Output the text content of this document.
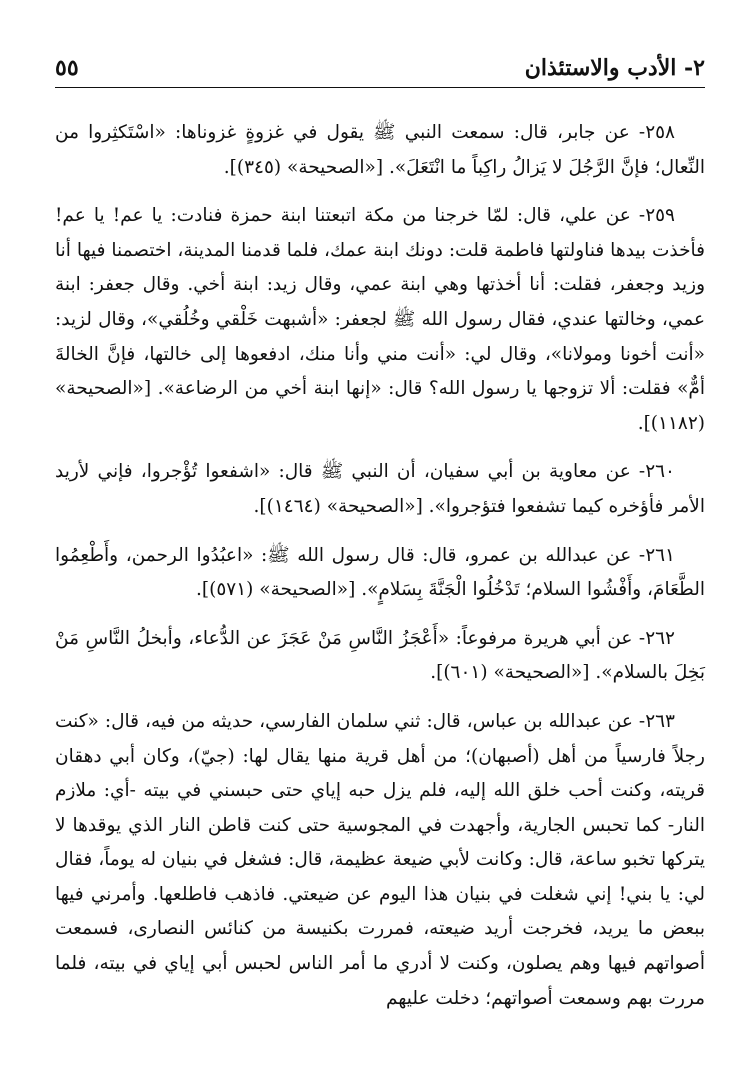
٢- الأدب والاستئذان
٥٥

٢٥٨- عن جابر، قال: سمعت النبي ﷺ يقول في غزوةٍ غزوناها: «اسْتَكثِروا من النِّعال؛ فإنَّ الرَّجُلَ لا يَزالُ راكِباً ما انْتَعَلَ». [«الصحيحة» (٣٤٥)].

٢٥٩- عن علي، قال: لمّا خرجنا من مكة اتبعتنا ابنة حمزة فنادت: يا عم! يا عم! فأخذت بيدها فناولتها فاطمة قلت: دونك ابنة عمك، فلما قدمنا المدينة، اختصمنا فيها أنا وزيد وجعفر، فقلت: أنا أخذتها وهي ابنة عمي، وقال زيد: ابنة أخي. وقال جعفر: ابنة عمي، وخالتها عندي، فقال رسول الله ﷺ لجعفر: «أشبهت خَلْقي وخُلُقي»، وقال لزيد: «أنت أخونا ومولانا»، وقال لي: «أنت مني وأنا منك، ادفعوها إلى خالتها، فإنَّ الخالةَ أمٌّ» فقلت: ألا تزوجها يا رسول الله؟ قال: «إنها ابنة أخي من الرضاعة». [«الصحيحة» (١١٨٢)].

٢٦٠- عن معاوية بن أبي سفيان، أن النبي ﷺ قال: «اشفعوا تُؤْجروا، فإني لأريد الأمر فأؤخره كيما تشفعوا فتؤجروا». [«الصحيحة» (١٤٦٤)].

٢٦١- عن عبدالله بن عمرو، قال: قال رسول الله ﷺ: «اعبُدُوا الرحمن، وأَطْعِمُوا الطَّعَامَ، وأَفْشُوا السلام؛ تَدْخُلُوا الْجَنَّةَ بِسَلامٍ». [«الصحيحة» (٥٧١)].

٢٦٢- عن أبي هريرة مرفوعاً: «أَعْجَزُ النَّاسِ مَنْ عَجَزَ عن الدُّعاء، وأبخلُ النَّاسِ مَنْ بَخِلَ بالسلام». [«الصحيحة» (٦٠١)].

٢٦٣- عن عبدالله بن عباس، قال: ثني سلمان الفارسي، حديثه من فيه، قال: «كنت رجلاً فارسياً من أهل (أصبهان)؛ من أهل قرية منها يقال لها: (جيّ)، وكان أبي دهقان قريته، وكنت أحب خلق الله إليه، فلم يزل حبه إياي حتى حبسني في بيته -أي: ملازم النار- كما تحبس الجارية، وأجهدت في المجوسية حتى كنت قاطن النار الذي يوقدها لا يتركها تخبو ساعة، قال: وكانت لأبي ضيعة عظيمة، قال: فشغل في بنيان له يوماً، فقال لي: يا بني! إني شغلت في بنيان هذا اليوم عن ضيعتي. فاذهب فاطلعها. وأمرني فيها ببعض ما يريد، فخرجت أريد ضيعته، فمررت بكنيسة من كنائس النصارى، فسمعت أصواتهم فيها وهم يصلون، وكنت لا أدري ما أمر الناس لحبس أبي إياي في بيته، فلما مررت بهم وسمعت أصواتهم؛ دخلت عليهم
